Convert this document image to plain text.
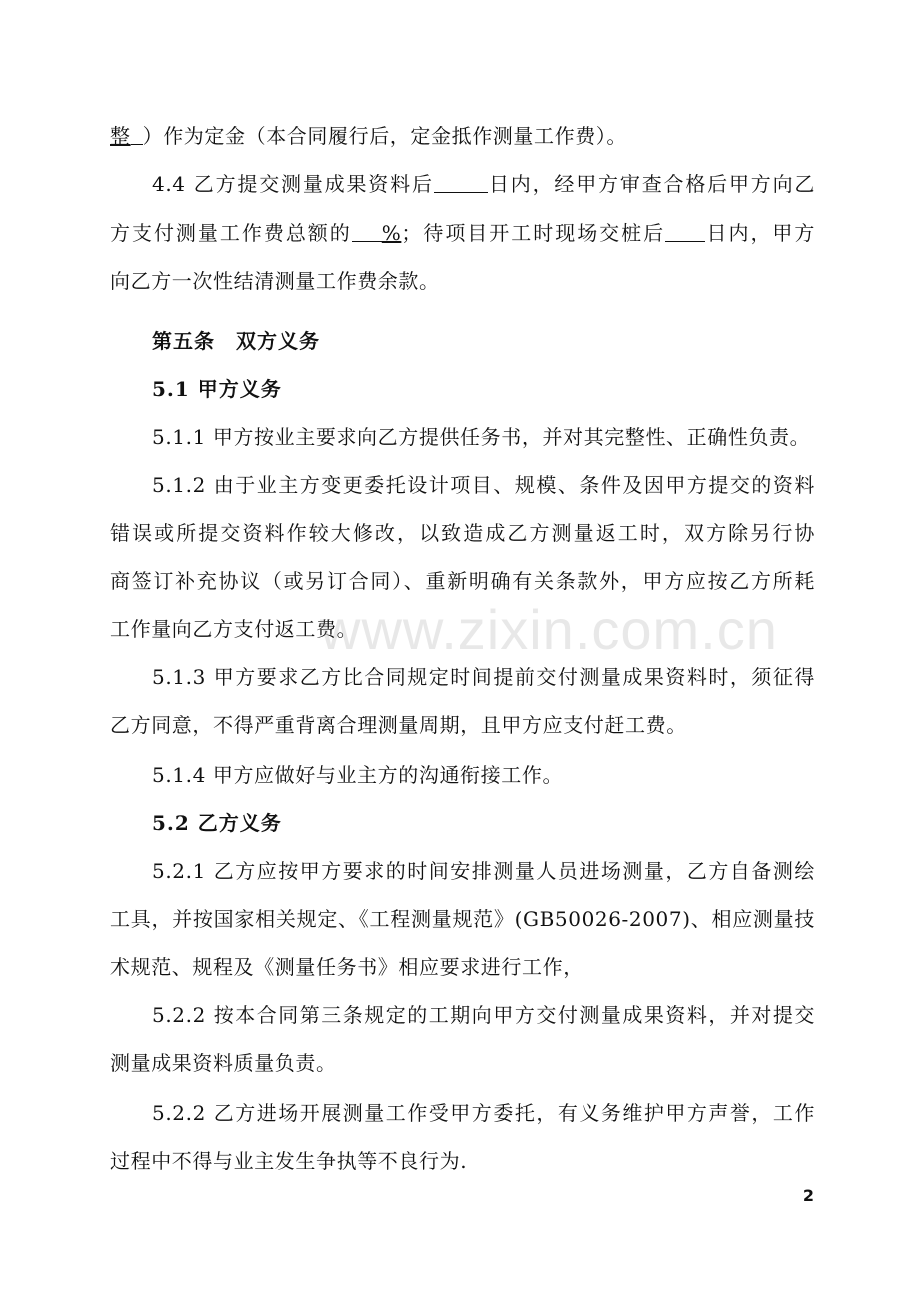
整 ）作为定金（本合同履行后，定金抵作测量工作费）。
4.4 乙方提交测量成果资料后	日内，经甲方审查合格后甲方向乙
方支付测量工作费总额的 %；待项目开工时现场交桩后 日内，甲方
向乙方一次性结清测量工作费余款。
第五条　双方义务
5.1 甲方义务
5.1.1 甲方按业主要求向乙方提供任务书，并对其完整性、正确性负责。
5.1.2 由于业主方变更委托设计项目、规模、条件及因甲方提交的资料
错误或所提交资料作较大修改，以致造成乙方测量返工时，双方除另行协
商签订补充协议（或另订合同）、重新明确有关条款外，甲方应按乙方所耗
工作量向乙方支付返工费。
5.1.3 甲方要求乙方比合同规定时间提前交付测量成果资料时，须征得
乙方同意，不得严重背离合理测量周期，且甲方应支付赶工费。
5.1.4 甲方应做好与业主方的沟通衔接工作。
5.2 乙方义务
5.2.1 乙方应按甲方要求的时间安排测量人员进场测量，乙方自备测绘
工具，并按国家相关规定、《工程测量规范》(GB50026-2007)、相应测量技
术规范、规程及《测量任务书》相应要求进行工作，
5.2.2 按本合同第三条规定的工期向甲方交付测量成果资料，并对提交
测量成果资料质量负责。
5.2.2 乙方进场开展测量工作受甲方委托，有义务维护甲方声誉，工作
过程中不得与业主发生争执等不良行为.
www.zixin.com.cn
2
